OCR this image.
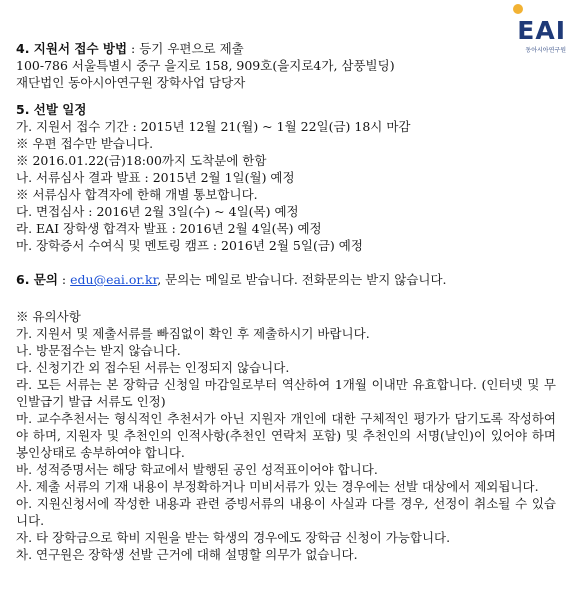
EAI
동아시아연구원
4. 지원서 접수 방법 : 등기 우편으로 제출
100-786 서울특별시 중구 을지로 158, 909호(을지로4가, 삼풍빌딩)
재단법인 동아시아연구원 장학사업 담당자
5. 선발 일정
가. 지원서 접수 기간 : 2015년 12월 21(월) ~ 1월 22일(금) 18시 마감
※ 우편 접수만 받습니다.
※ 2016.01.22(금)18:00까지 도착분에 한함
나. 서류심사 결과 발표 : 2015년 2월 1일(월) 예정
※ 서류심사 합격자에 한해 개별 통보합니다.
다. 면접심사 : 2016년 2월 3일(수) ~ 4일(목) 예정
라. EAI 장학생 합격자 발표 : 2016년 2월 4일(목) 예정
마. 장학증서 수여식 및 멘토링 캠프 : 2016년 2월 5일(금) 예정
6. 문의 : edu@eai.or.kr, 문의는 메일로 받습니다. 전화문의는 받지 않습니다.
※ 유의사항
가. 지원서 및 제출서류를 빠짐없이 확인 후 제출하시기 바랍니다.
나. 방문접수는 받지 않습니다.
다. 신청기간 외 접수된 서류는 인정되지 않습니다.
라. 모든 서류는 본 장학금 신청일 마감일로부터 역산하여 1개월 이내만 유효합니다. (인터넷 및 무인발급기 발급 서류도 인정)
마. 교수추천서는 형식적인 추천서가 아닌 지원자 개인에 대한 구체적인 평가가 담기도록 작성하여야 하며, 지원자 및 추천인의 인적사항(추천인 연락처 포함) 및 추천인의 서명(날인)이 있어야 하며 봉인상태로 송부하여야 합니다.
바. 성적증명서는 해당 학교에서 발행된 공인 성적표이어야 합니다.
사. 제출 서류의 기재 내용이 부정확하거나 미비서류가 있는 경우에는 선발 대상에서 제외됩니다.
아. 지원신청서에 작성한 내용과 관련 증빙서류의 내용이 사실과 다를 경우, 선정이 취소될 수 있습니다.
자. 타 장학금으로 학비 지원을 받는 학생의 경우에도 장학금 신청이 가능합니다.
차. 연구원은 장학생 선발 근거에 대해 설명할 의무가 없습니다.
